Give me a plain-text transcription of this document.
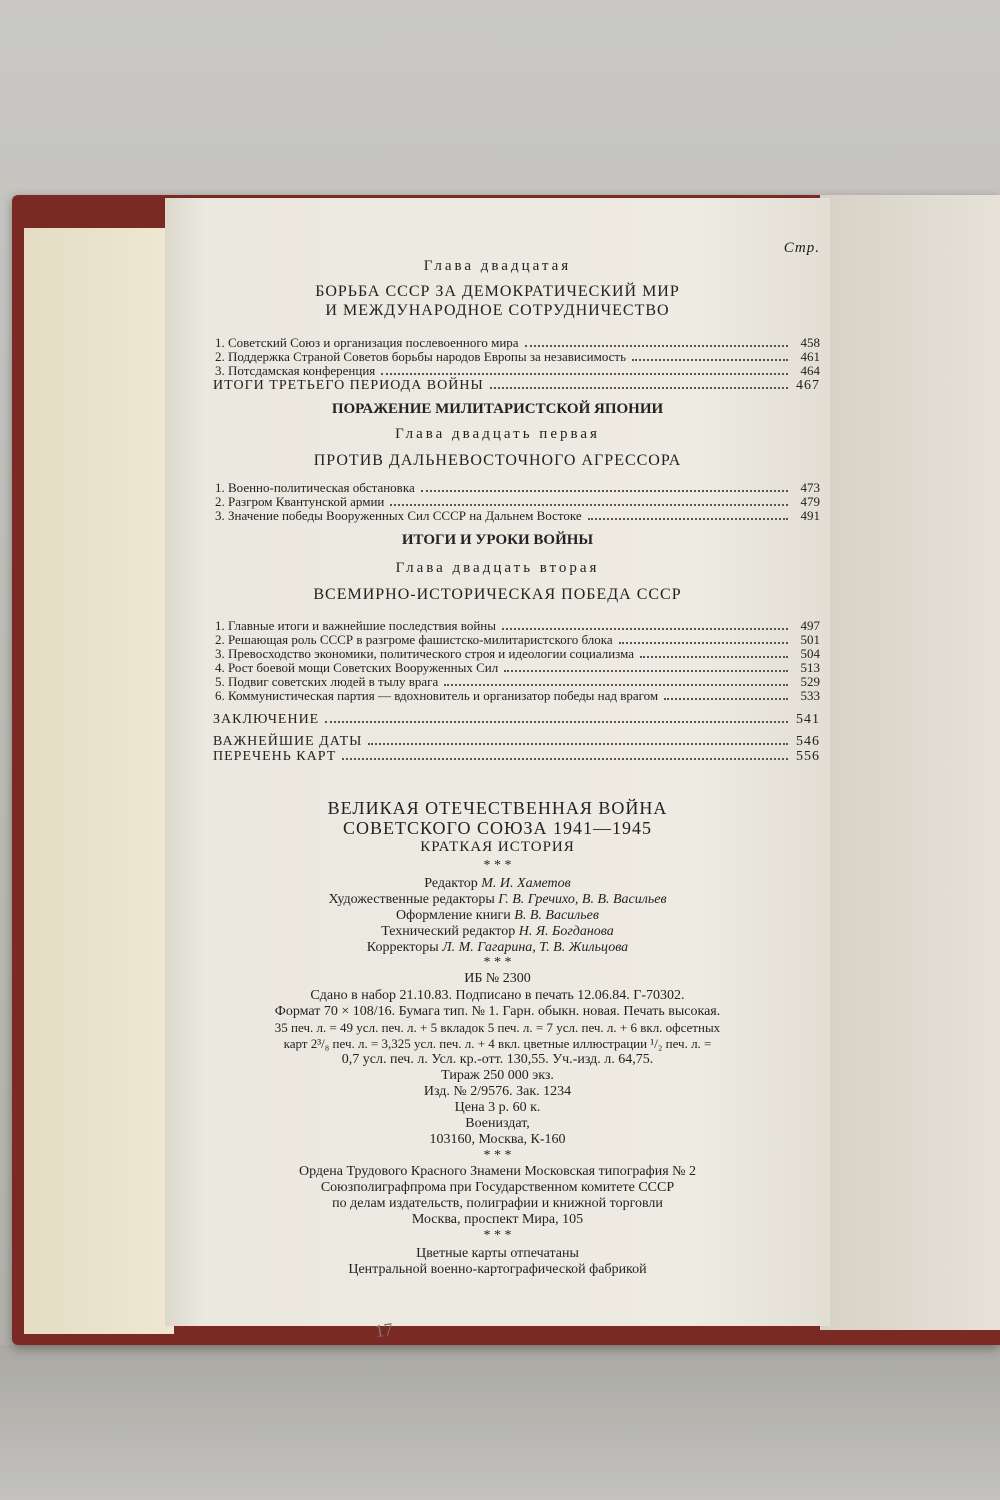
Стр.
Глава двадцатая
БОРЬБА СССР ЗА ДЕМОКРАТИЧЕСКИЙ МИР
И МЕЖДУНАРОДНОЕ СОТРУДНИЧЕСТВО
1. Советский Союз и организация послевоенного мира	458
2. Поддержка Страной Советов борьбы народов Европы за независимость	461
3. Потсдамская конференция	464
ИТОГИ ТРЕТЬЕГО ПЕРИОДА ВОЙНЫ	467
ПОРАЖЕНИЕ МИЛИТАРИСТСКОЙ ЯПОНИИ
Глава двадцать первая
ПРОТИВ ДАЛЬНЕВОСТОЧНОГО АГРЕССОРА
1. Военно-политическая обстановка	473
2. Разгром Квантунской армии	479
3. Значение победы Вооруженных Сил СССР на Дальнем Востоке	491
ИТОГИ И УРОКИ ВОЙНЫ
Глава двадцать вторая
ВСЕМИРНО-ИСТОРИЧЕСКАЯ ПОБЕДА СССР
1. Главные итоги и важнейшие последствия войны	497
2. Решающая роль СССР в разгроме фашистско-милитаристского блока	501
3. Превосходство экономики, политического строя и идеологии социализма	504
4. Рост боевой мощи Советских Вооруженных Сил	513
5. Подвиг советских людей в тылу врага	529
6. Коммунистическая партия — вдохновитель и организатор победы над врагом	533
ЗАКЛЮЧЕНИЕ	541
ВАЖНЕЙШИЕ ДАТЫ	546
ПЕРЕЧЕНЬ КАРТ	556
ВЕЛИКАЯ ОТЕЧЕСТВЕННАЯ ВОЙНА
СОВЕТСКОГО СОЮЗА 1941—1945
КРАТКАЯ ИСТОРИЯ
* * *
Редактор М. И. Хаметов
Художественные редакторы Г. В. Гречихо, В. В. Васильев
Оформление книги В. В. Васильев
Технический редактор Н. Я. Богданова
Корректоры Л. М. Гагарина, Т. В. Жильцова
* * *
ИБ № 2300
Сдано в набор 21.10.83. Подписано в печать 12.06.84. Г-70302.
Формат 70 × 108/16. Бумага тип. № 1. Гарн. обыкн. новая. Печать высокая.
35 печ. л. = 49 усл. печ. л. + 5 вкладок 5 печ. л. = 7 усл. печ. л. + 6 вкл. офсетных
карт 2³/₈ печ. л. = 3,325 усл. печ. л. + 4 вкл. цветные иллюстрации ¹/₂ печ. л. =
0,7 усл. печ. л. Усл. кр.-отт. 130,55. Уч.-изд. л. 64,75.
Тираж 250 000 экз.
Изд. № 2/9576. Зак. 1234
Цена 3 р. 60 к.
Воениздат,
103160, Москва, К-160
* * *
Ордена Трудового Красного Знамени Московская типография № 2
Союзполиграфпрома при Государственном комитете СССР
по делам издательств, полиграфии и книжной торговли
Москва, проспект Мира, 105
* * *
Цветные карты отпечатаны
Центральной военно-картографической фабрикой
17
